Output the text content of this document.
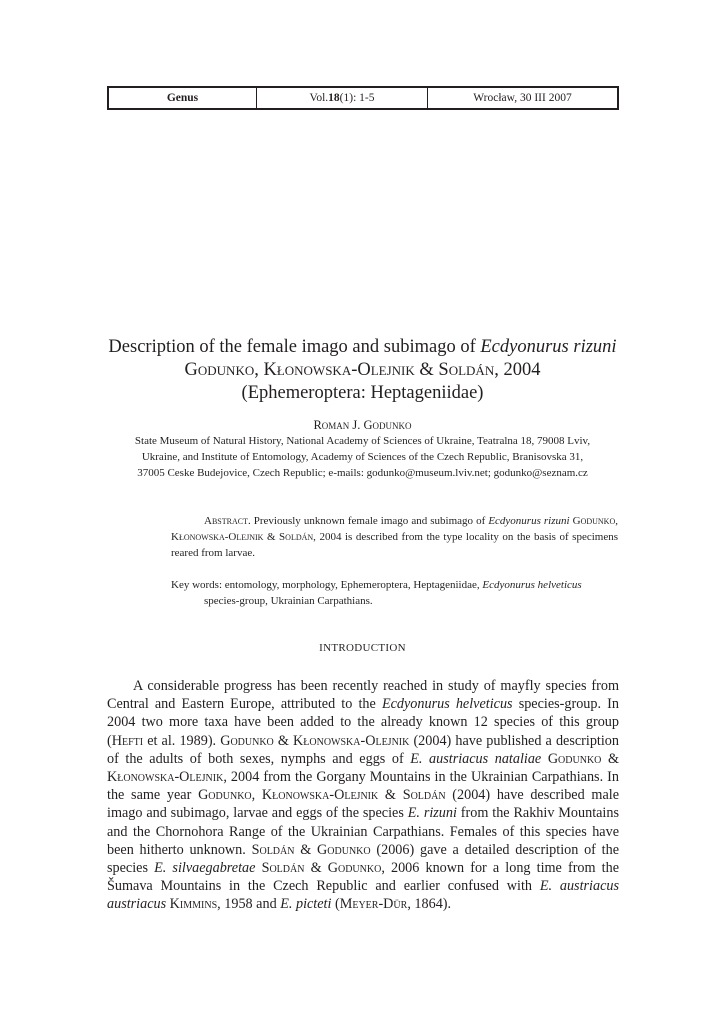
Genus	Vol. 18 (1): 1-5	Wrocław, 30 III 2007
Description of the female imago and subimago of Ecdyonurus rizuni
Godunko, Kłonowska-Olejnik & Soldán, 2004
(Ephemeroptera: Heptageniidae)
Roman J. Godunko
State Museum of Natural History, National Academy of Sciences of Ukraine, Teatralna 18, 79008 Lviv,
Ukraine, and Institute of Entomology, Academy of Sciences of the Czech Republic, Branisovska 31,
37005 Ceske Budejovice, Czech Republic; e-mails: godunko@museum.lviv.net; godunko@seznam.cz
Abstract. Previously unknown female imago and subimago of Ecdyonurus rizuni Godunko, Kłonowska-Olejnik & Soldán, 2004 is described from the type locality on the basis of specimens reared from larvae.
Key words: entomology, morphology, Ephemeroptera, Heptageniidae, Ecdyonurus helveticus species-group, Ukrainian Carpathians.
INTRODUCTION
A considerable progress has been recently reached in study of mayfly species from Central and Eastern Europe, attributed to the Ecdyonurus helveticus species-group. In 2004 two more taxa have been added to the already known 12 species of this group (Hefti et al. 1989). Godunko & Kłonowska-Olejnik (2004) have published a description of the adults of both sexes, nymphs and eggs of E. austriacus nataliae Godunko & Kłonowska-Olejnik, 2004 from the Gorgany Mountains in the Ukrainian Carpathians. In the same year Godunko, Kłonowska-Olejnik & Soldán (2004) have described male imago and subimago, larvae and eggs of the species E. rizuni from the Rakhiv Mountains and the Chornohora Range of the Ukrainian Carpathians. Females of this species have been hitherto unknown. Soldán & Godunko (2006) gave a detailed description of the species E. silvaegabretae Soldán & Godunko, 2006 known for a long time from the Šumava Mountains in the Czech Republic and earlier confused with E. austriacus austriacus Kimmins, 1958 and E. picteti (Meyer-Dür, 1864).
